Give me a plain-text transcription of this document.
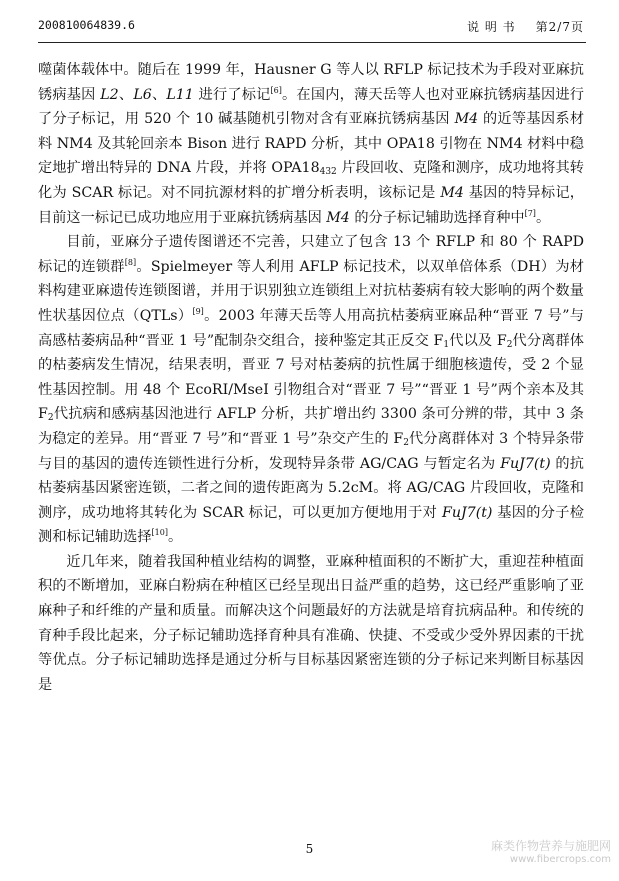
200810064839.6	说 明 书 第2/7页

噬菌体载体中。随后在 1999 年，Hausner G 等人以 RFLP 标记技术为手段对亚麻抗锈病基因 L2、L6、L11 进行了标记[6]。在国内，薄天岳等人也对亚麻抗锈病基因进行了分子标记，用 520 个 10 碱基随机引物对含有亚麻抗锈病基因 M4 的近等基因系材料 NM4 及其轮回亲本 Bison 进行 RAPD 分析，其中 OPA18 引物在 NM4 材料中稳定地扩增出特异的 DNA 片段，并将 $OPA18_{432}$ 片段回收、克隆和测序，成功地将其转化为 SCAR 标记。对不同抗源材料的扩增分析表明，该标记是 M4 基因的特异标记，目前这一标记已成功地应用于亚麻抗锈病基因 M4 的分子标记辅助选择育种中[7]。

目前，亚麻分子遗传图谱还不完善，只建立了包含 13 个 RFLP 和 80 个 RAPD 标记的连锁群[8]。Spielmeyer 等人利用 AFLP 标记技术，以双单倍体系（DH）为材料构建亚麻遗传连锁图谱，并用于识别独立连锁组上对抗枯萎病有较大影响的两个数量性状基因位点（QTLs）[9]。2003 年薄天岳等人用高抗枯萎病亚麻品种“晋亚 7 号”与高感枯萎病品种“晋亚 1 号”配制杂交组合，接种鉴定其正反交 $F_1$代以及 $F_2$代分离群体的枯萎病发生情况，结果表明，晋亚 7 号对枯萎病的抗性属于细胞核遗传，受 2 个显性基因控制。用 48 个 EcoRI/MseI 引物组合对“晋亚 7 号”“晋亚 1 号”两个亲本及其 $F_2$代抗病和感病基因池进行 AFLP 分析，共扩增出约 3300 条可分辨的带，其中 3 条为稳定的差异。用“晋亚 7 号”和“晋亚 1 号”杂交产生的 $F_2$代分离群体对 3 个特异条带与目的基因的遗传连锁性进行分析，发现特异条带 AG/CAG 与暂定名为 FuJ7(t) 的抗枯萎病基因紧密连锁，二者之间的遗传距离为 5.2cM。将 AG/CAG 片段回收，克隆和测序，成功地将其转化为 SCAR 标记，可以更加方便地用于对 FuJ7(t) 基因的分子检测和标记辅助选择[10]。

近几年来，随着我国种植业结构的调整，亚麻种植面积的不断扩大，重迎茬种植面积的不断增加，亚麻白粉病在种植区已经呈现出日益严重的趋势，这已经严重影响了亚麻种子和纤维的产量和质量。而解决这个问题最好的方法就是培育抗病品种。和传统的育种手段比起来，分子标记辅助选择育种具有准确、快捷、不受或少受外界因素的干扰等优点。分子标记辅助选择是通过分析与目标基因紧密连锁的分子标记来判断目标基因是

5	麻类作物营养与施肥网
www.fibercrops.com
